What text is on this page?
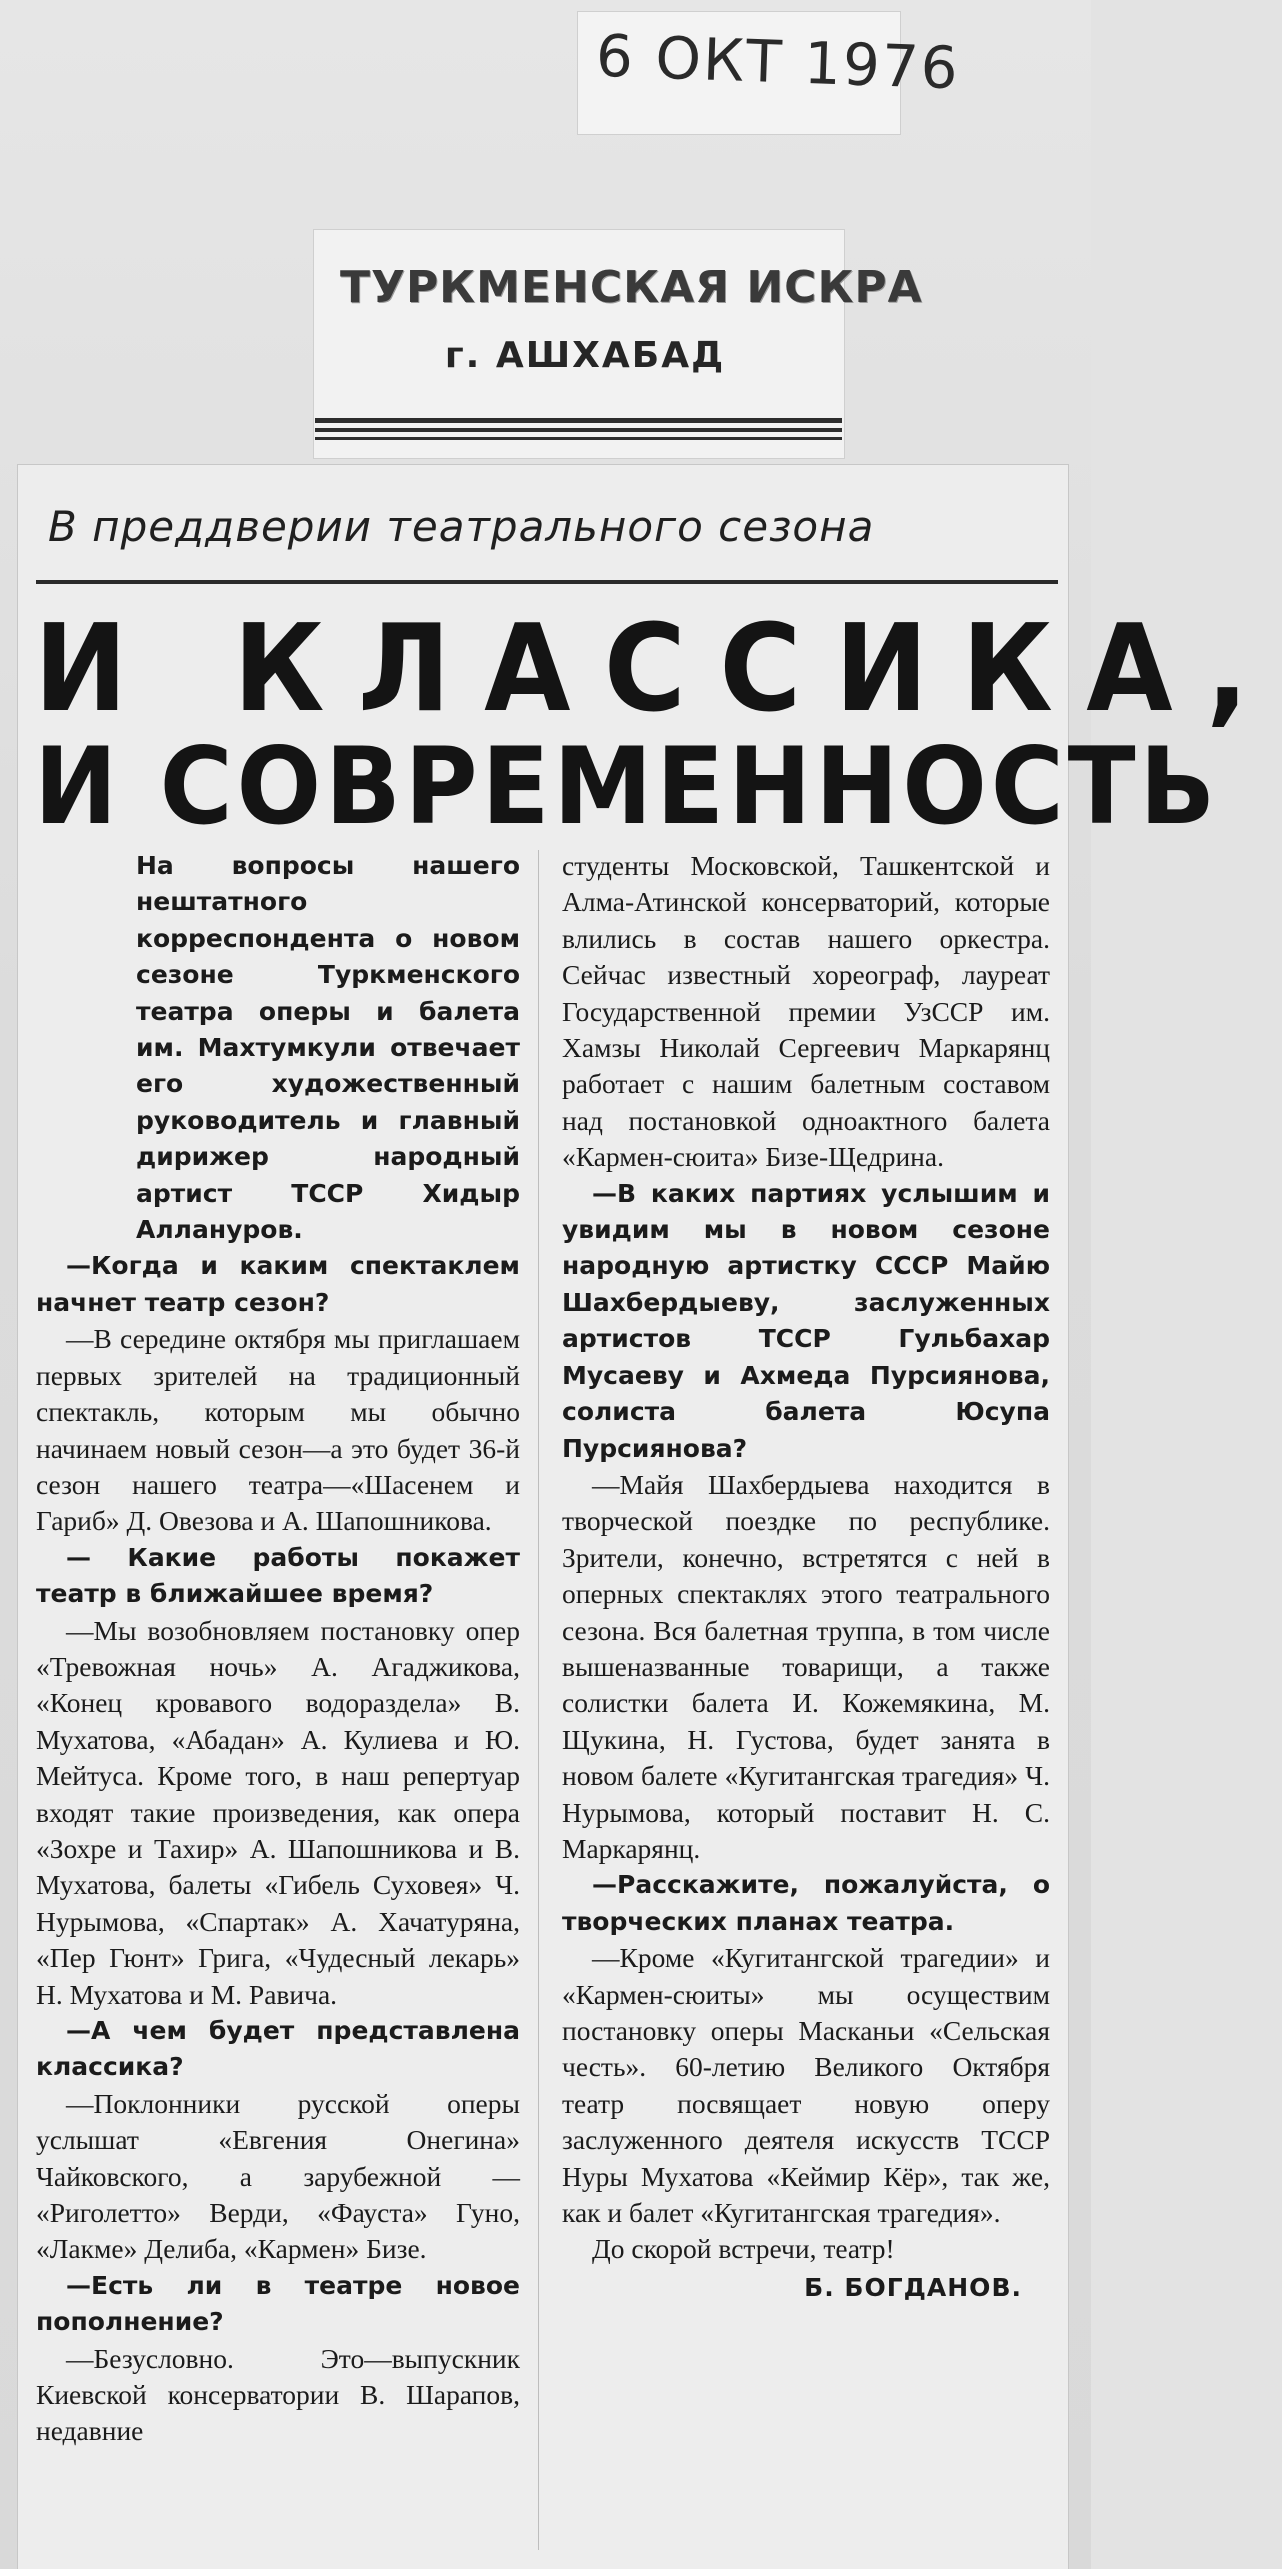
6 ОКТ 1976
ТУРКМЕНСКАЯ ИСКРА
г. АШХАБАД
В преддверии театрального сезона
И КЛАССИКА,
И СОВРЕМЕННОСТЬ

На вопросы нашего нештатного корреспондента о новом сезоне Туркменского театра оперы и балета им. Махтумкули отвечает его художественный руководитель и главный дирижер народный артист ТССР Хидыр Аллануров.

—Когда и каким спектаклем начнет театр сезон?

—В середине октября мы приглашаем первых зрителей на традиционный спектакль, которым мы обычно начинаем новый сезон—а это будет 36-й сезон нашего театра—«Шасенем и Гариб» Д. Овезова и А. Шапошникова.

— Какие работы покажет театр в ближайшее время?

—Мы возобновляем постановку опер «Тревожная ночь» А. Агаджикова, «Конец кровавого водораздела» В. Мухатова, «Абадан» А. Кулиева и Ю. Мейтуса. Кроме того, в наш репертуар входят такие произведения, как опера «Зохре и Тахир» А. Шапошникова и В. Мухатова, балеты «Гибель Суховея» Ч. Нурымова, «Спартак» А. Хачатуряна, «Пер Гюнт» Грига, «Чудесный лекарь» Н. Мухатова и М. Равича.

—А чем будет представлена классика?

—Поклонники русской оперы услышат «Евгения Онегина» Чайковского, а зарубежной — «Риголетто» Верди, «Фауста» Гуно, «Лакме» Делиба, «Кармен» Бизе.

—Есть ли в театре новое пополнение?

—Безусловно. Это—выпускник Киевской консерватории В. Шарапов, недавние

студенты Московской, Ташкентской и Алма-Атинской консерваторий, которые влились в состав нашего оркестра. Сейчас известный хореограф, лауреат Государственной премии УзССР им. Хамзы Николай Сергеевич Маркарянц работает с нашим балетным составом над постановкой одноактного балета «Кармен-сюита» Бизе-Щедрина.

—В каких партиях услышим и увидим мы в новом сезоне народную артистку СССР Майю Шахбердыеву, заслуженных артистов ТССР Гульбахар Мусаеву и Ахмеда Пурсиянова, солиста балета Юсупа Пурсиянова?

—Майя Шахбердыева находится в творческой поездке по республике. Зрители, конечно, встретятся с ней в оперных спектаклях этого театрального сезона. Вся балетная труппа, в том числе вышеназванные товарищи, а также солистки балета И. Кожемякина, М. Щукина, Н. Густова, будет занята в новом балете «Кугитангская трагедия» Ч. Нурымова, который поставит Н. С. Маркарянц.

—Расскажите, пожалуйста, о творческих планах театра.

—Кроме «Кугитангской трагедии» и «Кармен-сюиты» мы осуществим постановку оперы Масканьи «Сельская честь». 60-летию Великого Октября театр посвящает новую оперу заслуженного деятеля искусств ТССР Нуры Мухатова «Кеймир Кёр», так же, как и балет «Кугитангская трагедия».

До скорой встречи, театр!

Б. БОГДАНОВ.
